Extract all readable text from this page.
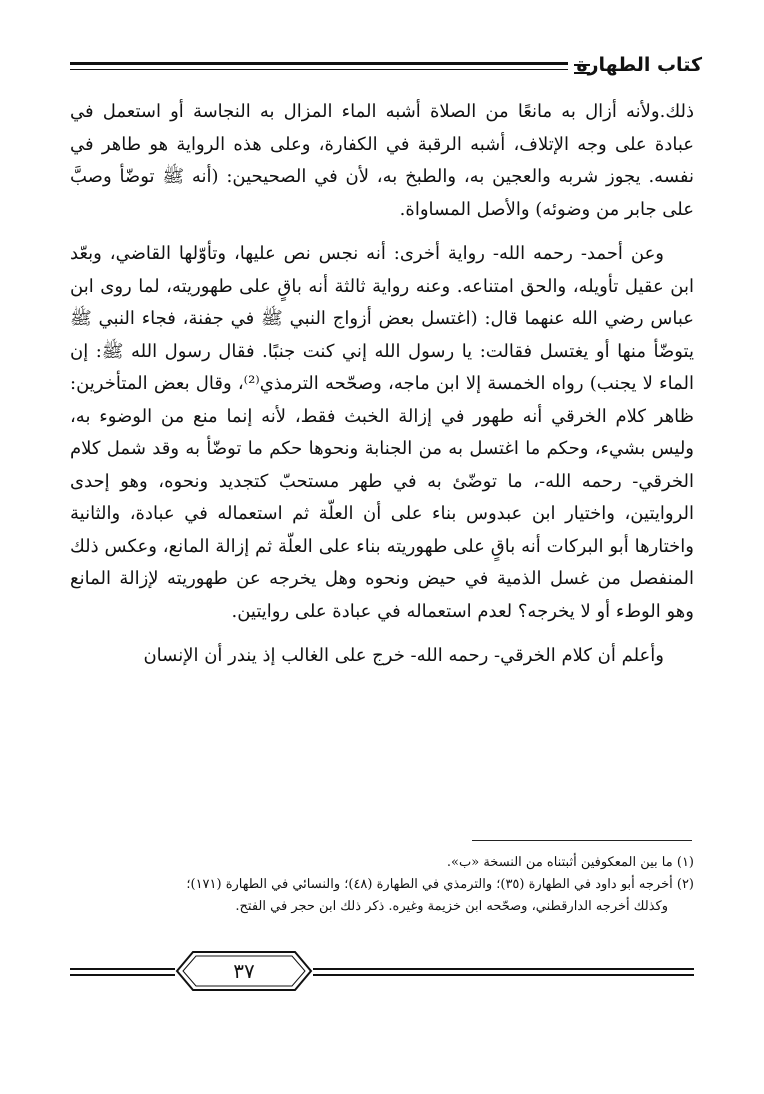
كتاب الطهارة

ذلك.ولأنه أزال به مانعًا من الصلاة أشبه الماء المزال به النجاسة أو استعمل في عبادة على وجه الإتلاف، أشبه الرقبة في الكفارة، وعلى هذه الرواية هو طاهر في نفسه. يجوز شربه والعجين به، والطبخ به، لأن في الصحيحين: (أنه ﷺ توضّأ وصبَّ على جابر من وضوئه) والأصل المساواة.

وعن أحمد- رحمه الله- رواية أخرى: أنه نجس نص عليها، وتأوّلها القاضي، وبعّد ابن عقيل تأويله، والحق امتناعه. وعنه رواية ثالثة أنه باقٍ على طهوريته، لما روى ابن عباس رضي الله عنهما قال: (اغتسل بعض أزواج النبي ﷺ في جفنة، فجاء النبي ﷺ يتوضّأ منها أو يغتسل فقالت: يا رسول الله إني كنت جنبًا. فقال رسول الله ﷺ: إن الماء لا يجنب) رواه الخمسة إلا ابن ماجه، وصحّحه الترمذي⁽²⁾، وقال بعض المتأخرين: ظاهر كلام الخرقي أنه طهور في إزالة الخبث فقط، لأنه إنما منع من الوضوء به، وليس بشيء، وحكم ما اغتسل به من الجنابة ونحوها حكم ما توضّأ به وقد شمل كلام الخرقي- رحمه الله-، ما توضّئ به في طهر مستحبّ كتجديد ونحوه، وهو إحدى الروايتين، واختيار ابن عبدوس بناء على أن العلّة ثم استعماله في عبادة، والثانية واختارها أبو البركات أنه باقٍ على طهوريته بناء على العلّة ثم إزالة المانع، وعكس ذلك المنفصل من غسل الذمية في حيض ونحوه وهل يخرجه عن طهوريته لإزالة المانع وهو الوطء أو لا يخرجه؟ لعدم استعماله في عبادة على روايتين.

وأعلم أن كلام الخرقي- رحمه الله- خرج على الغالب إذ يندر أن الإنسان

(١) ما بين المعكوفين أثبتناه من النسخة «ب».

(٢) أخرجه أبو داود في الطهارة (٣٥)؛ والترمذي في الطهارة (٤٨)؛ والنسائي في الطهارة (١٧١)؛

وكذلك أخرجه الدارقطني، وصحّحه ابن خزيمة وغيره. ذكر ذلك ابن حجر في الفتح.

٣٧
